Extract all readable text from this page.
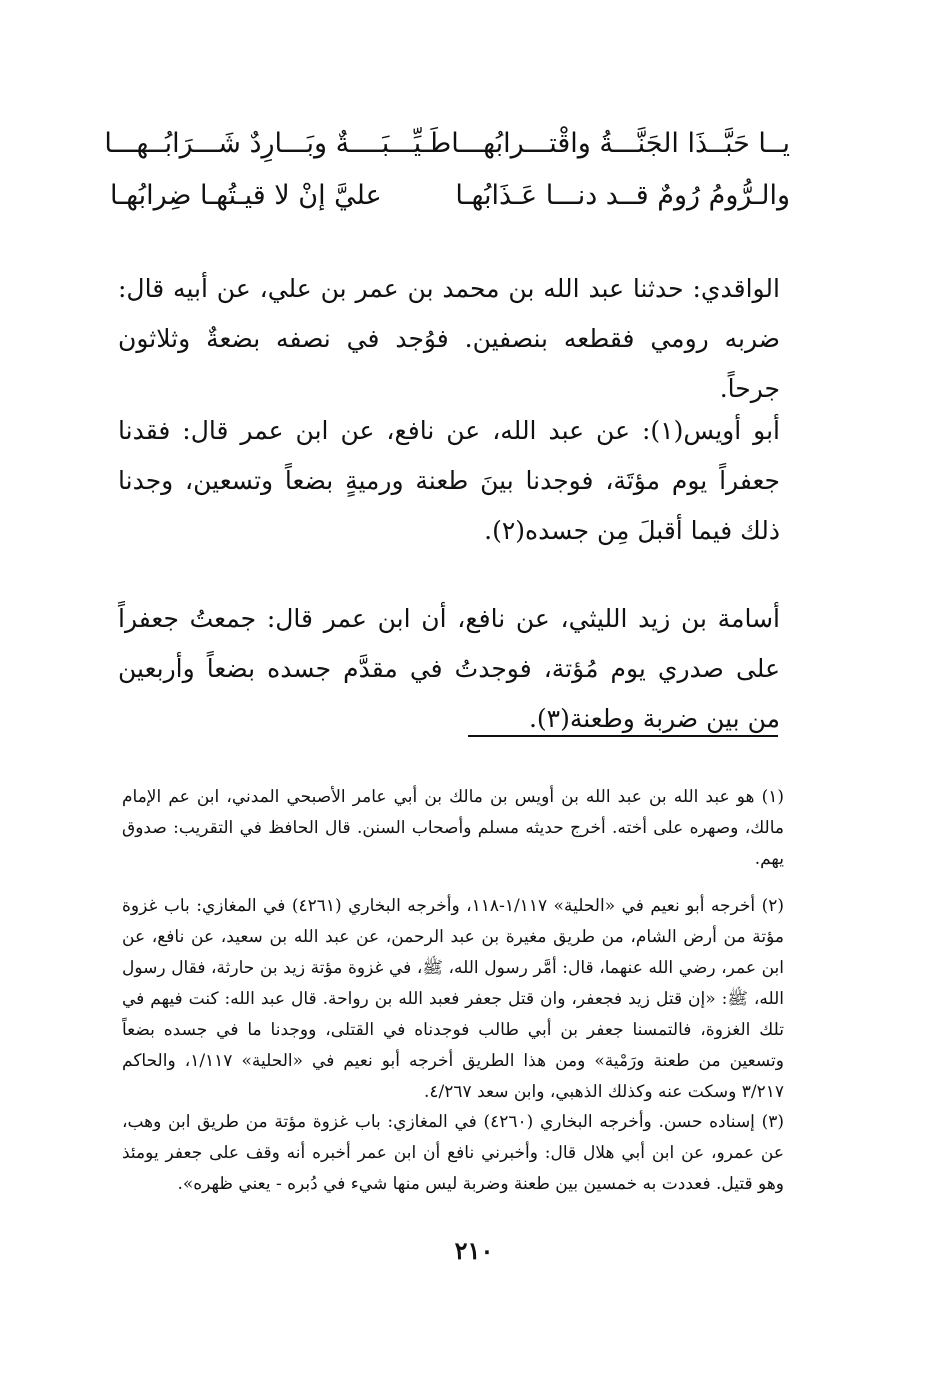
يــا حَبَّــذَا الجَنَّـــةُ واقْتـــرابُهـــا
طَـيِّـــبَــــةٌ وبَـــارِدٌ شَـــرَابُــهـــا
والـرُّومُ رُومٌ قــد دنـــا عَـذَابُهـا
عليَّ إنْ لا قيـتُهـا ضِرابُهـا

الواقدي: حدثنا عبد الله بن محمد بن عمر بن علي، عن أبيه قال: ضربه رومي فقطعه بنصفين. فوُجد في نصفه بضعةٌ وثلاثون جرحاً.

أبو أويس(١): عن عبد الله، عن نافع، عن ابن عمر قال: فقدنا جعفراً يوم مؤتَة، فوجدنا بينَ طعنة ورميةٍ بضعاً وتسعين، وجدنا ذلك فيما أقبلَ مِن جسده(٢).

أسامة بن زيد الليثي، عن نافع، أن ابن عمر قال: جمعتُ جعفراً على صدري يوم مُؤتة، فوجدتُ في مقدَّم جسده بضعاً وأربعين من بين ضربة وطعنة(٣).

(١) هو عبد الله بن عبد الله بن أويس بن مالك بن أبي عامر الأصبحي المدني، ابن عم الإمام مالك، وصهره على أخته. أخرج حديثه مسلم وأصحاب السنن. قال الحافظ في التقريب: صدوق يهم.

(٢) أخرجه أبو نعيم في «الحلية» ١/١١٧-١١٨، وأخرجه البخاري (٤٢٦١) في المغازي: باب غزوة مؤتة من أرض الشام، من طريق مغيرة بن عبد الرحمن، عن عبد الله بن سعيد، عن نافع، عن ابن عمر، رضي الله عنهما، قال: أمَّر رسول الله، ﷺ، في غزوة مؤتة زيد بن حارثة، فقال رسول الله، ﷺ: «إن قتل زيد فجعفر، وان قتل جعفر فعبد الله بن رواحة. قال عبد الله: كنت فيهم في تلك الغزوة، فالتمسنا جعفر بن أبي طالب فوجدناه في القتلى، ووجدنا ما في جسده بضعاً وتسعين من طعنة ورَمْية» ومن هذا الطريق أخرجه أبو نعيم في «الحلية» ١/١١٧، والحاكم ٣/٢١٧ وسكت عنه وكذلك الذهبي، وابن سعد ٤/٢٦٧.

(٣) إسناده حسن. وأخرجه البخاري (٤٢٦٠) في المغازي: باب غزوة مؤتة من طريق ابن وهب، عن عمرو، عن ابن أبي هلال قال: وأخبرني نافع أن ابن عمر أخبره أنه وقف على جعفر يومئذ وهو قتيل. فعددت به خمسين بين طعنة وضربة ليس منها شيء في دُبره - يعني ظهره».

٢١٠
